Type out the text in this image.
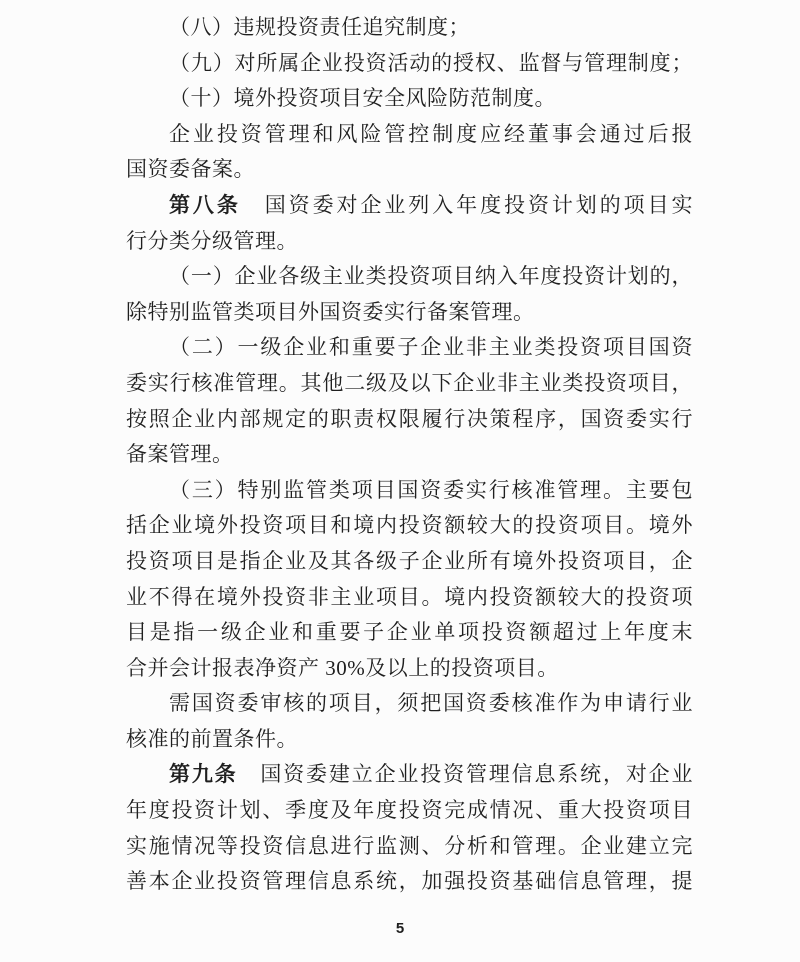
（八）违规投资责任追究制度；
（九）对所属企业投资活动的授权、监督与管理制度；
（十）境外投资项目安全风险防范制度。
企业投资管理和风险管控制度应经董事会通过后报
国资委备案。
第八条　国资委对企业列入年度投资计划的项目实
行分类分级管理。
（一）企业各级主业类投资项目纳入年度投资计划的，
除特别监管类项目外国资委实行备案管理。
（二）一级企业和重要子企业非主业类投资项目国资
委实行核准管理。其他二级及以下企业非主业类投资项目，
按照企业内部规定的职责权限履行决策程序，国资委实行
备案管理。
（三）特别监管类项目国资委实行核准管理。主要包
括企业境外投资项目和境内投资额较大的投资项目。境外
投资项目是指企业及其各级子企业所有境外投资项目，企
业不得在境外投资非主业项目。境内投资额较大的投资项
目是指一级企业和重要子企业单项投资额超过上年度末
合并会计报表净资产 30%及以上的投资项目。
需国资委审核的项目，须把国资委核准作为申请行业
核准的前置条件。
第九条　国资委建立企业投资管理信息系统，对企业
年度投资计划、季度及年度投资完成情况、重大投资项目
实施情况等投资信息进行监测、分析和管理。企业建立完
善本企业投资管理信息系统，加强投资基础信息管理，提
5
